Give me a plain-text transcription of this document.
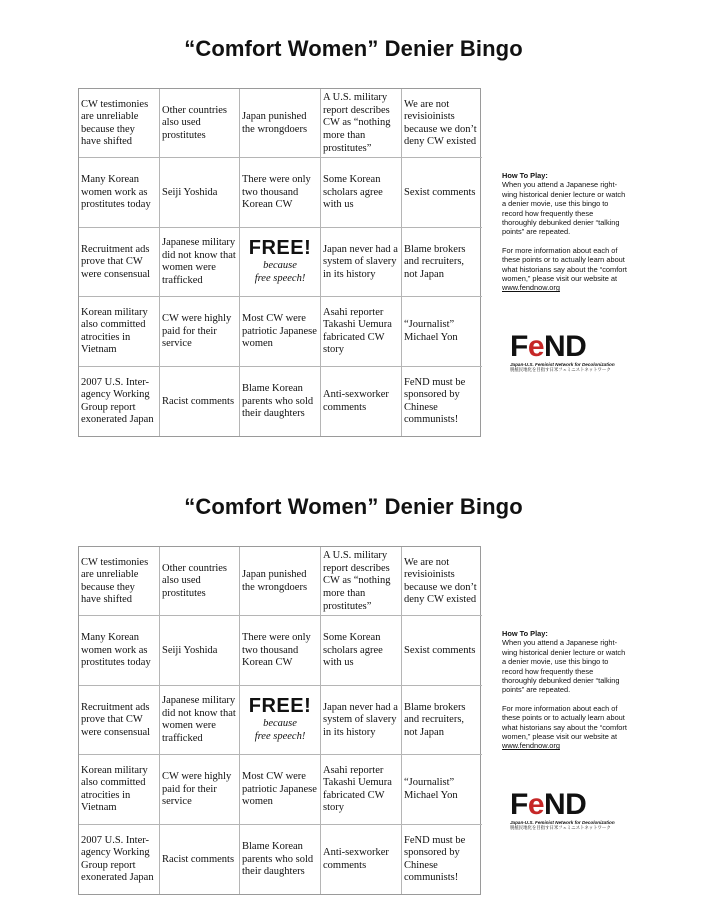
“Comfort Women” Denier Bingo
CW testimonies are unreliable because they have shifted
Other countries also used prostitutes
Japan punished the wrongdoers
A U.S. military report describes CW as “nothing more than prostitutes”
We are not revisioinists because we don’t deny CW existed
Many Korean women work as prostitutes today
Seiji Yoshida
There were only two thousand Korean CW
Some Korean scholars agree with us
Sexist comments
Recruitment ads prove that CW were consensual
Japanese military did not know that women were trafficked
FREE!
because
free speech!
Japan never had a system of slavery in its history
Blame brokers and recruiters, not Japan
Korean military also committed atrocities in Vietnam
CW were highly paid for their service
Most CW were patriotic Japanese women
Asahi reporter Takashi Uemura fabricated CW story
“Journalist” Michael Yon
2007 U.S. Inter-agency Working Group report exonerated Japan
Racist comments
Blame Korean parents who sold their daughters
Anti-sexworker comments
FeND must be sponsored by Chinese communists!

How To Play:
When you attend a Japanese right-wing historical denier lecture or watch a denier movie, use this bingo to record how frequently these thoroughly debunked denier “talking points” are repeated.

For more information about each of these points or to actually learn about what historians say about the “comfort women,” please visit our website at www.fendnow.org

FeND
Japan-U.S. Feminist Network for Decolonization
脱植民地化を目指す日米フェミニストネットワーク
“Comfort Women” Denier Bingo
CW testimonies are unreliable because they have shifted
Other countries also used prostitutes
Japan punished the wrongdoers
A U.S. military report describes CW as “nothing more than prostitutes”
We are not revisioinists because we don’t deny CW existed
Many Korean women work as prostitutes today
Seiji Yoshida
There were only two thousand Korean CW
Some Korean scholars agree with us
Sexist comments
Recruitment ads prove that CW were consensual
Japanese military did not know that women were trafficked
FREE!
because
free speech!
Japan never had a system of slavery in its history
Blame brokers and recruiters, not Japan
Korean military also committed atrocities in Vietnam
CW were highly paid for their service
Most CW were patriotic Japanese women
Asahi reporter Takashi Uemura fabricated CW story
“Journalist” Michael Yon
2007 U.S. Inter-agency Working Group report exonerated Japan
Racist comments
Blame Korean parents who sold their daughters
Anti-sexworker comments
FeND must be sponsored by Chinese communists!

How To Play:
When you attend a Japanese right-wing historical denier lecture or watch a denier movie, use this bingo to record how frequently these thoroughly debunked denier “talking points” are repeated.

For more information about each of these points or to actually learn about what historians say about the “comfort women,” please visit our website at www.fendnow.org

FeND
Japan-U.S. Feminist Network for Decolonization
脱植民地化を目指す日米フェミニストネットワーク
